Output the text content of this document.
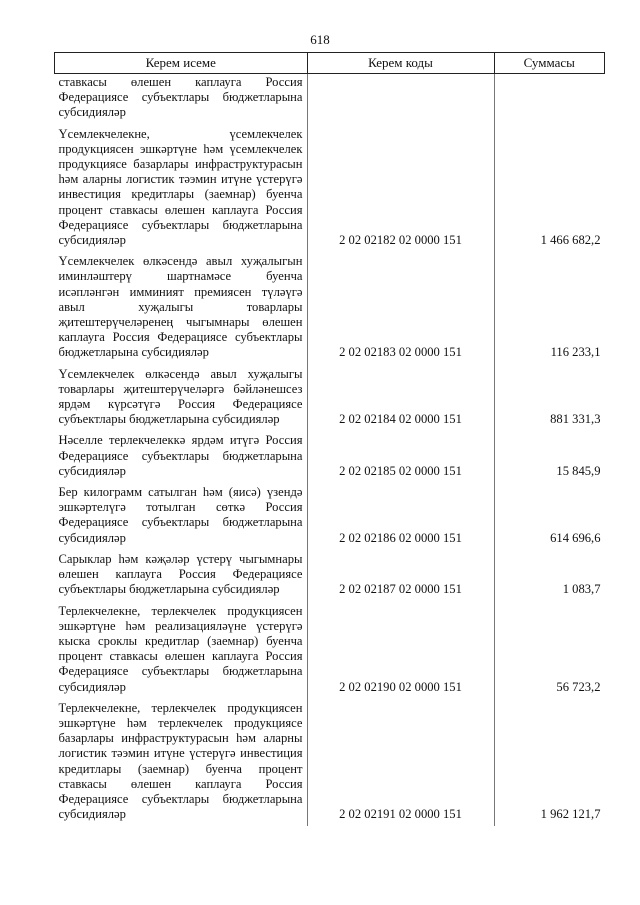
618
Керем исеме	Керем коды	Суммасы
ставкасы өлешен каплауга Россия Федерациясе субъектлары бюджетларына субсидияләр		
Үсемлекчелекне, үсемлекчелек продукциясен эшкәртүне һәм үсемлекчелек продукциясе базарлары инфраструктурасын һәм аларны логистик тәэмин итүне үстерүгә инвестиция кредитлары (заемнар) буенча процент ставкасы өлешен каплауга Россия Федерациясе субъектлары бюджетларына субсидияләр	2 02 02182 02 0000 151	1 466 682,2
Үсемлекчелек өлкәсендә авыл хуҗалыгын иминләштерү шартнамәсе буенча исәпләнгән имминият премиясен түләүгә авыл хуҗалыгы товарлары җитештерүчеләренең чыгымнары өлешен каплауга Россия Федерациясе субъектлары бюджетларына субсидияләр	2 02 02183 02 0000 151	116 233,1
Үсемлекчелек өлкәсендә авыл хуҗалыгы товарлары җитештерүчеләргә бәйләнешсез ярдәм күрсәтүгә Россия Федерациясе субъектлары бюджетларына субсидияләр	2 02 02184 02 0000 151	881 331,3
Нәселле терлекчелеккә ярдәм итүгә Россия Федерациясе субъектлары бюджетларына субсидияләр	2 02 02185 02 0000 151	15 845,9
Бер килограмм сатылган һәм (яисә) үзендә эшкәртелүгә тотылган сөткә Россия Федерациясе субъектлары бюджетларына субсидияләр	2 02 02186 02 0000 151	614 696,6
Сарыклар һәм кәҗәләр үстерү чыгымнары өлешен каплауга Россия Федерациясе субъектлары бюджетларына субсидияләр	2 02 02187 02 0000 151	1 083,7
Терлекчелекне, терлекчелек продукциясен эшкәртүне һәм реализацияләүне үстерүгә кыска сроклы кредитлар (заемнар) буенча процент ставкасы өлешен каплауга Россия Федерациясе субъектлары бюджетларына субсидияләр	2 02 02190 02 0000 151	56 723,2
Терлекчелекне, терлекчелек продукциясен эшкәртүне һәм терлекчелек продукциясе базарлары инфраструктурасын һәм аларны логистик тәэмин итүне үстерүгә инвестиция кредитлары (заемнар) буенча процент ставкасы өлешен каплауга Россия Федерациясе субъектлары бюджетларына субсидияләр	2 02 02191 02 0000 151	1 962 121,7
